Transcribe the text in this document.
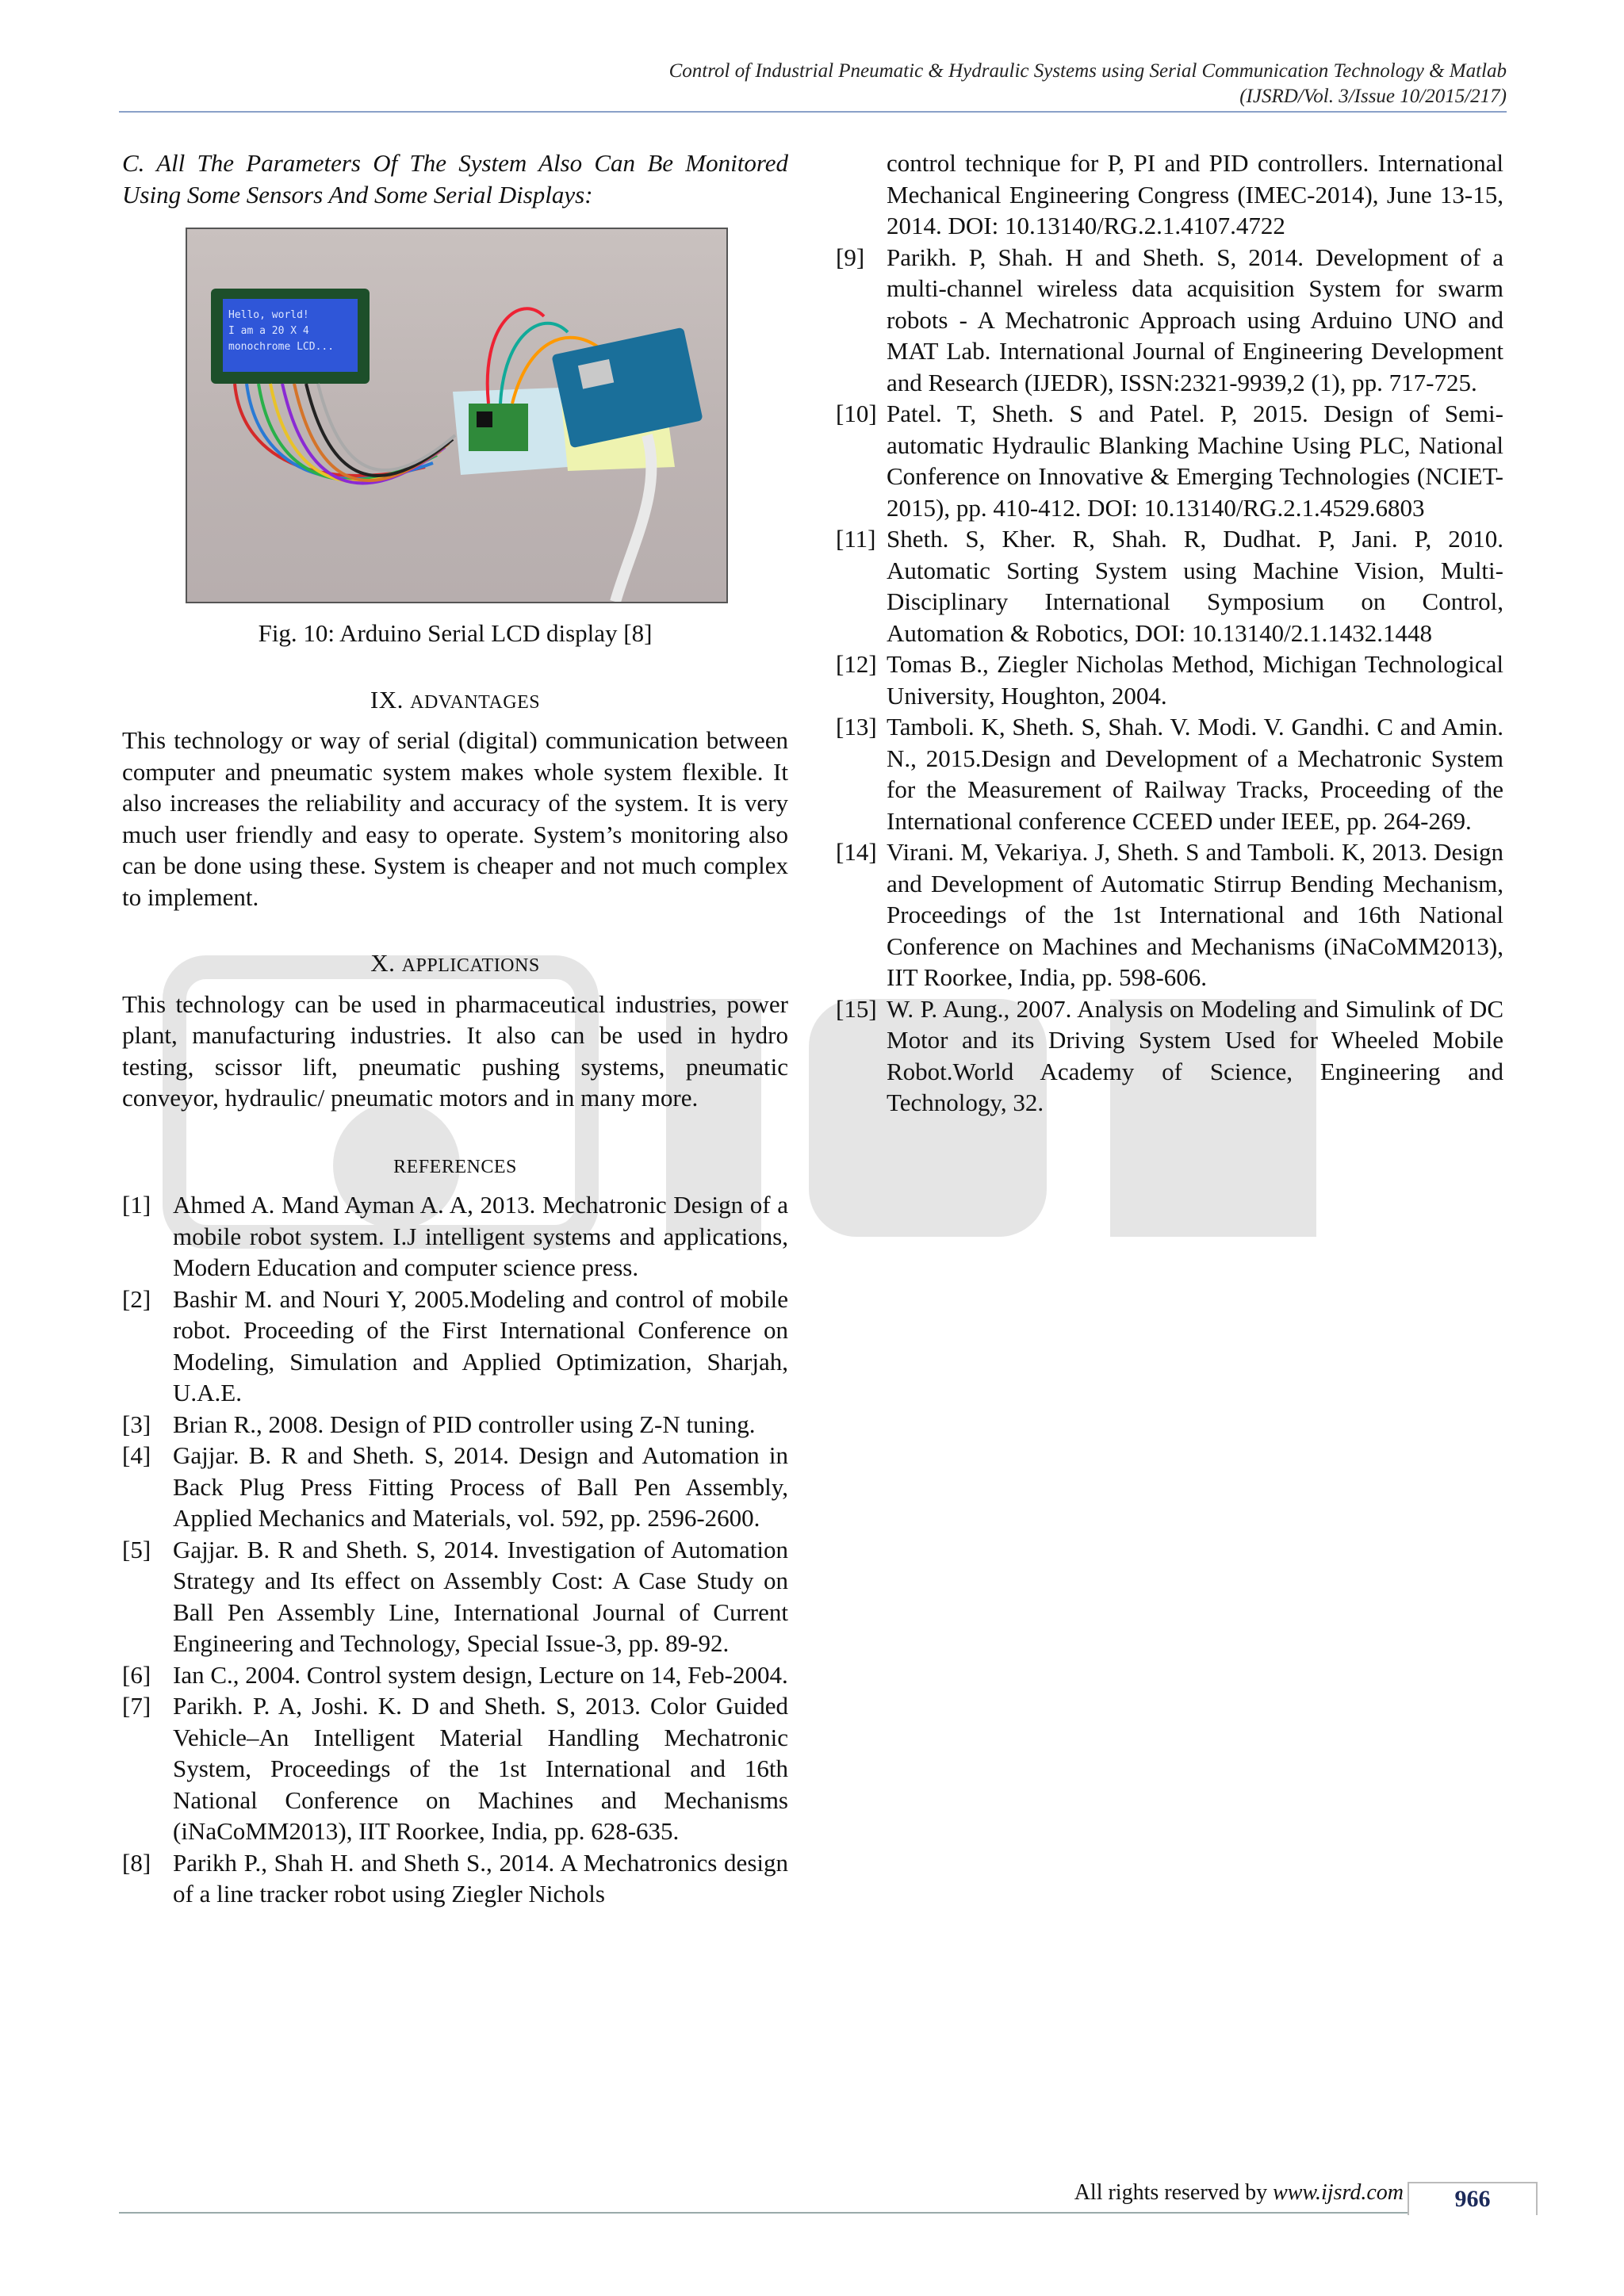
Control of Industrial Pneumatic & Hydraulic Systems using Serial Communication Technology & Matlab
(IJSRD/Vol. 3/Issue 10/2015/217)

C. All The Parameters Of The System Also Can Be Monitored Using Some Sensors And Some Serial Displays:

Hello, world!
I am a 20 X 4
monochrome LCD...

Fig. 10: Arduino Serial LCD display [8]

IX. ADVANTAGES

This technology or way of serial (digital) communication between computer and pneumatic system makes whole system flexible. It also increases the reliability and accuracy of the system. It is very much user friendly and easy to operate. System’s monitoring also can be done using these. System is cheaper and not much complex to implement.

X. APPLICATIONS

This technology can be used in pharmaceutical industries, power plant, manufacturing industries. It also can be used in hydro testing, scissor lift, pneumatic pushing systems, pneumatic conveyor, hydraulic/ pneumatic motors and in many more.

REFERENCES
[1] Ahmed A. Mand Ayman A. A, 2013. Mechatronic Design of a mobile robot system. I.J intelligent systems and applications, Modern Education and computer science press.
[2] Bashir M. and Nouri Y, 2005.Modeling and control of mobile robot. Proceeding of the First International Conference on Modeling, Simulation and Applied Optimization, Sharjah, U.A.E.
[3] Brian R., 2008. Design of PID controller using Z-N tuning.
[4] Gajjar. B. R and Sheth. S, 2014. Design and Automation in Back Plug Press Fitting Process of Ball Pen Assembly, Applied Mechanics and Materials, vol. 592, pp. 2596-2600.
[5] Gajjar. B. R and Sheth. S, 2014. Investigation of Automation Strategy and Its effect on Assembly Cost: A Case Study on Ball Pen Assembly Line, International Journal of Current Engineering and Technology, Special Issue-3, pp. 89-92.
[6] Ian C., 2004. Control system design, Lecture on 14, Feb-2004.
[7] Parikh. P. A, Joshi. K. D and Sheth. S, 2013. Color Guided Vehicle–An Intelligent Material Handling Mechatronic System, Proceedings of the 1st International and 16th National Conference on Machines and Mechanisms (iNaCoMM2013), IIT Roorkee, India, pp. 628-635.
[8] Parikh P., Shah H. and Sheth S., 2014. A Mechatronics design of a line tracker robot using Ziegler Nichols
control technique for P, PI and PID controllers. International Mechanical Engineering Congress (IMEC-2014), June 13-15, 2014. DOI: 10.13140/RG.2.1.4107.4722
[9] Parikh. P, Shah. H and Sheth. S, 2014. Development of a multi-channel wireless data acquisition System for swarm robots - A Mechatronic Approach using Arduino UNO and MAT Lab. International Journal of Engineering Development and Research (IJEDR), ISSN:2321-9939,2 (1), pp. 717-725.
[10] Patel. T, Sheth. S and Patel. P, 2015. Design of Semi-automatic Hydraulic Blanking Machine Using PLC, National Conference on Innovative & Emerging Technologies (NCIET- 2015), pp. 410-412. DOI: 10.13140/RG.2.1.4529.6803
[11] Sheth. S, Kher. R, Shah. R, Dudhat. P, Jani. P, 2010. Automatic Sorting System using Machine Vision, Multi-Disciplinary International Symposium on Control, Automation & Robotics, DOI: 10.13140/2.1.1432.1448
[12] Tomas B., Ziegler Nicholas Method, Michigan Technological University, Houghton, 2004.
[13] Tamboli. K, Sheth. S, Shah. V. Modi. V. Gandhi. C and Amin. N., 2015.Design and Development of a Mechatronic System for the Measurement of Railway Tracks, Proceeding of the International conference CCEED under IEEE, pp. 264-269.
[14] Virani. M, Vekariya. J, Sheth. S and Tamboli. K, 2013. Design and Development of Automatic Stirrup Bending Mechanism, Proceedings of the 1st International and 16th National Conference on Machines and Mechanisms (iNaCoMM2013), IIT Roorkee, India, pp. 598-606.
[15] W. P. Aung., 2007. Analysis on Modeling and Simulink of DC Motor and its Driving System Used for Wheeled Mobile Robot.World Academy of Science, Engineering and Technology, 32.
All rights reserved by www.ijsrd.com	966
